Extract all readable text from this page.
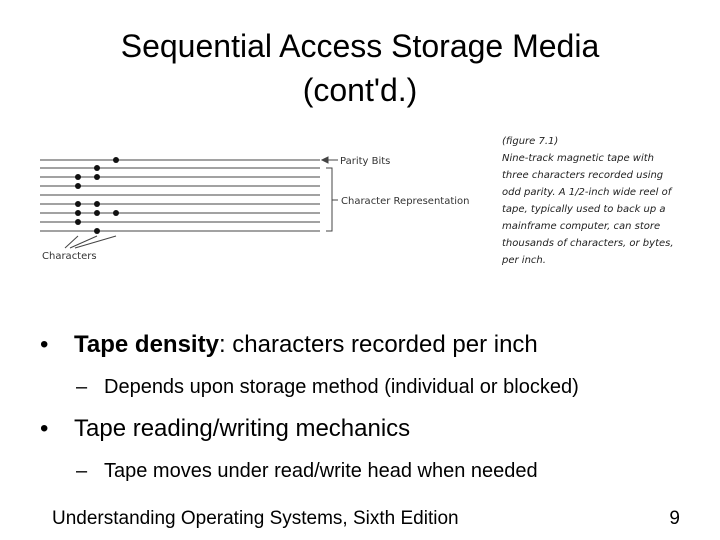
Sequential Access Storage Media
(cont'd.)
Parity Bits
Character Representation
Characters
(figure 7.1)
Nine-track magnetic tape with three characters recorded using odd parity. A 1/2-inch wide reel of tape, typically used to back up a mainframe computer, can store thousands of characters, or bytes, per inch.
• Tape density: characters recorded per inch
– Depends upon storage method (individual or blocked)
• Tape reading/writing mechanics
– Tape moves under read/write head when needed
Understanding Operating Systems, Sixth Edition	9
